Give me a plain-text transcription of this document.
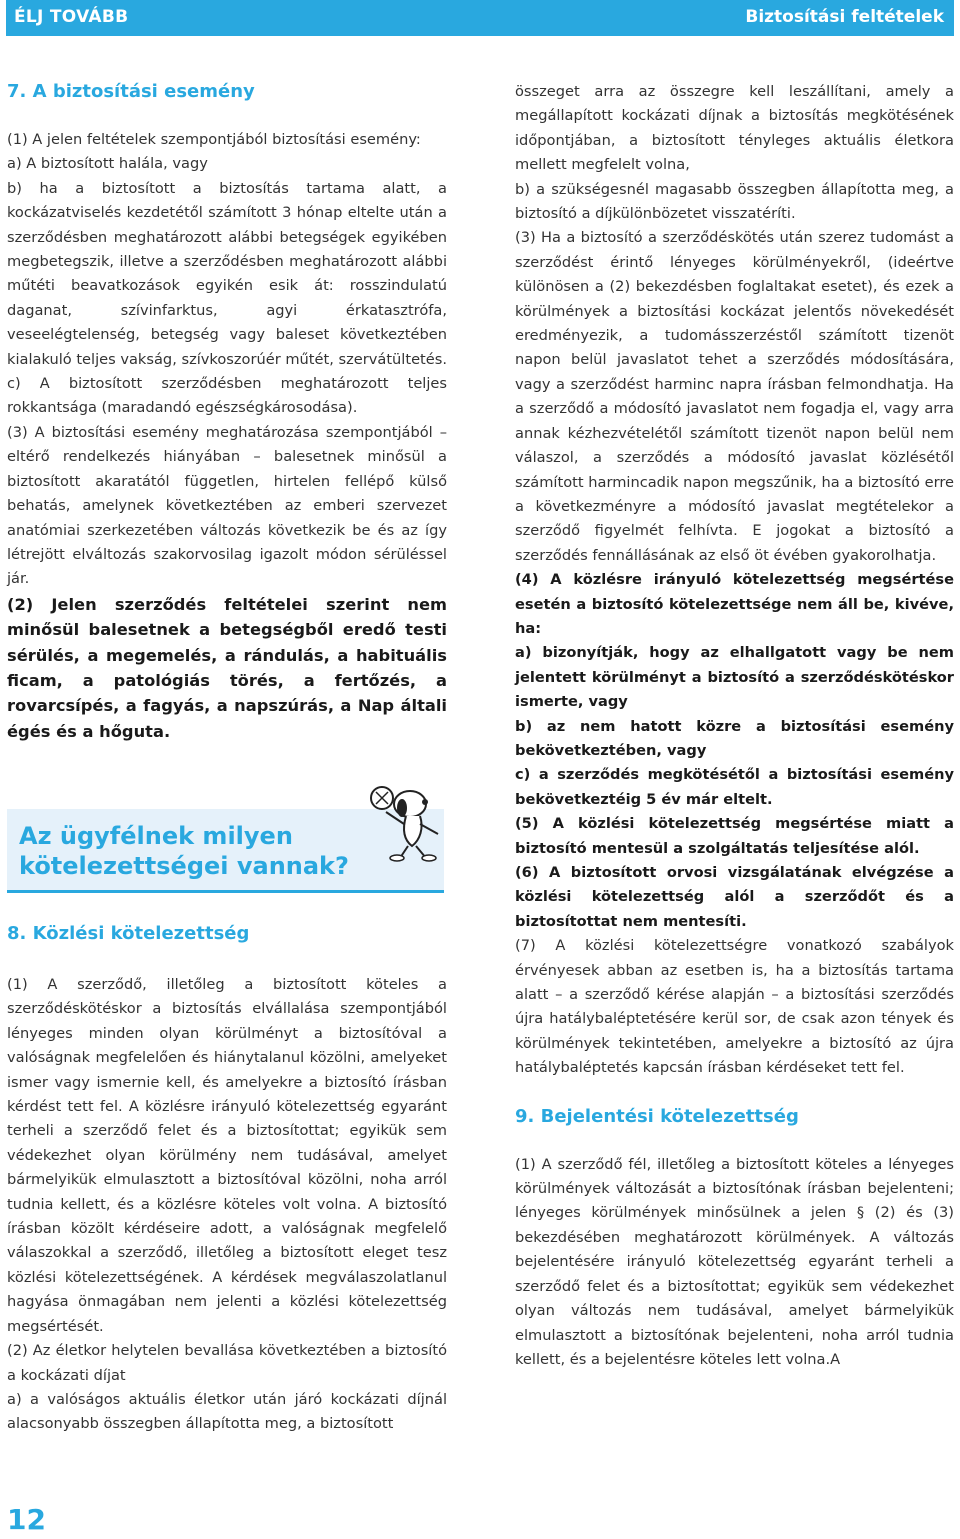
ÉLJ TOVÁBB	Biztosítási feltételek

7. A biztosítási esemény

(1) A jelen feltételek szempontjából biztosítási esemény:

a) A biztosított halála, vagy

b) ha a biztosított a biztosítás tartama alatt, a kockázatviselés kezdetétől számított 3 hónap eltelte után a szerződésben meghatározott alábbi betegségek egyikében megbetegszik, illetve a szerződésben meghatározott alábbi műtéti beavatkozások egyikén esik át: rosszindulatú daganat, szívinfarktus, agyi érkatasztrófa, veseelégtelenség, betegség vagy baleset következtében kialakuló teljes vakság, szívkoszorúér műtét, szervátültetés.

c) A biztosított szerződésben meghatározott teljes rokkantsága (maradandó egészségkárosodása).

(3) A biztosítási esemény meghatározása szempontjából – eltérő rendelkezés hiányában – balesetnek minősül a biztosított akaratától független, hirtelen fellépő külső behatás, amelynek következtében az emberi szervezet anatómiai szerkezetében változás következik be és az így létrejött elváltozás szakorvosilag igazolt módon sérüléssel jár.

(2) Jelen szerződés feltételei szerint nem minősül balesetnek a betegségből eredő testi sérülés, a megemelés, a rándulás, a habituális ficam, a patológiás törés, a fertőzés, a rovarcsípés, a fagyás, a napszúrás, a Nap általi égés és a hőguta.

Az ügyfélnek milyen kötelezettségei vannak?

8. Közlési kötelezettség

(1) A szerződő, illetőleg a biztosított köteles a szerződéskötéskor a biztosítás elvállalása szempontjából lényeges minden olyan körülményt a biztosítóval a valóságnak megfelelően és hiánytalanul közölni, amelyeket ismer vagy ismernie kell, és amelyekre a biztosító írásban kérdést tett fel. A közlésre irányuló kötelezettség egyaránt terheli a szerződő felet és a biztosítottat; egyikük sem védekezhet olyan körülmény nem tudásával, amelyet bármelyikük elmulasztott a biztosítóval közölni, noha arról tudnia kellett, és a közlésre köteles volt volna. A biztosító írásban közölt kérdéseire adott, a valóságnak megfelelő válaszokkal a szerződő, illetőleg a biztosított eleget tesz közlési kötelezettségének. A kérdések megválaszolatlanul hagyása önmagában nem jelenti a közlési kötelezettség megsértését.

(2) Az életkor helytelen bevallása következtében a biztosító a kockázati díjat

a) a valóságos aktuális életkor után járó kockázati díjnál alacsonyabb összegben állapította meg, a biztosított

összeget arra az összegre kell leszállítani, amely a megállapított kockázati díjnak a biztosítás megkötésének időpontjában, a biztosított tényleges aktuális életkora mellett megfelelt volna,

b) a szükségesnél magasabb összegben állapította meg, a biztosító a díjkülönbözetet visszatéríti.

(3) Ha a biztosító a szerződéskötés után szerez tudomást a szerződést érintő lényeges körülményekről, (ideértve különösen a (2) bekezdésben foglaltakat esetet), és ezek a körülmények a biztosítási kockázat jelentős növekedését eredményezik, a tudomásszerzéstől számított tizenöt napon belül javaslatot tehet a szerződés módosítására, vagy a szerződést harminc napra írásban felmondhatja. Ha a szerződő a módosító javaslatot nem fogadja el, vagy arra annak kézhezvételétől számított tizenöt napon belül nem válaszol, a szerződés a módosító javaslat közlésétől számított harmincadik napon megszűnik, ha a biztosító erre a következményre a módosító javaslat megtételekor a szerződő figyelmét felhívta. E jogokat a biztosító a szerződés fennállásának az első öt évében gyakorolhatja.

(4) A közlésre irányuló kötelezettség megsértése esetén a biztosító kötelezettsége nem áll be, kivéve, ha:

a) bizonyítják, hogy az elhallgatott vagy be nem jelentett körülményt a biztosító a szerződéskötéskor ismerte, vagy

b) az nem hatott közre a biztosítási esemény bekövetkeztében, vagy

c) a szerződés megkötésétől a biztosítási esemény bekövetkeztéig 5 év már eltelt.

(5) A közlési kötelezettség megsértése miatt a biztosító mentesül a szolgáltatás teljesítése alól.

(6) A biztosított orvosi vizsgálatának elvégzése a közlési kötelezettség alól a szerződőt és a biztosítottat nem mentesíti.

(7) A közlési kötelezettségre vonatkozó szabályok érvényesek abban az esetben is, ha a biztosítás tartama alatt – a szerződő kérése alapján – a biztosítási szerződés újra hatálybaléptetésére kerül sor, de csak azon tények és körülmények tekintetében, amelyekre a biztosító az újra hatálybaléptetés kapcsán írásban kérdéseket tett fel.

9. Bejelentési kötelezettség

(1) A szerződő fél, illetőleg a biztosított köteles a lényeges körülmények változását a biztosítónak írásban bejelenteni; lényeges körülmények minősülnek a jelen § (2) és (3) bekezdésében meghatározott körülmények. A változás bejelentésére irányuló kötelezettség egyaránt terheli a szerződő felet és a biztosítottat; egyikük sem védekezhet olyan változás nem tudásával, amelyet bármelyikük elmulasztott a biztosítónak bejelenteni, noha arról tudnia kellett, és a bejelentésre köteles lett volna.A

12
